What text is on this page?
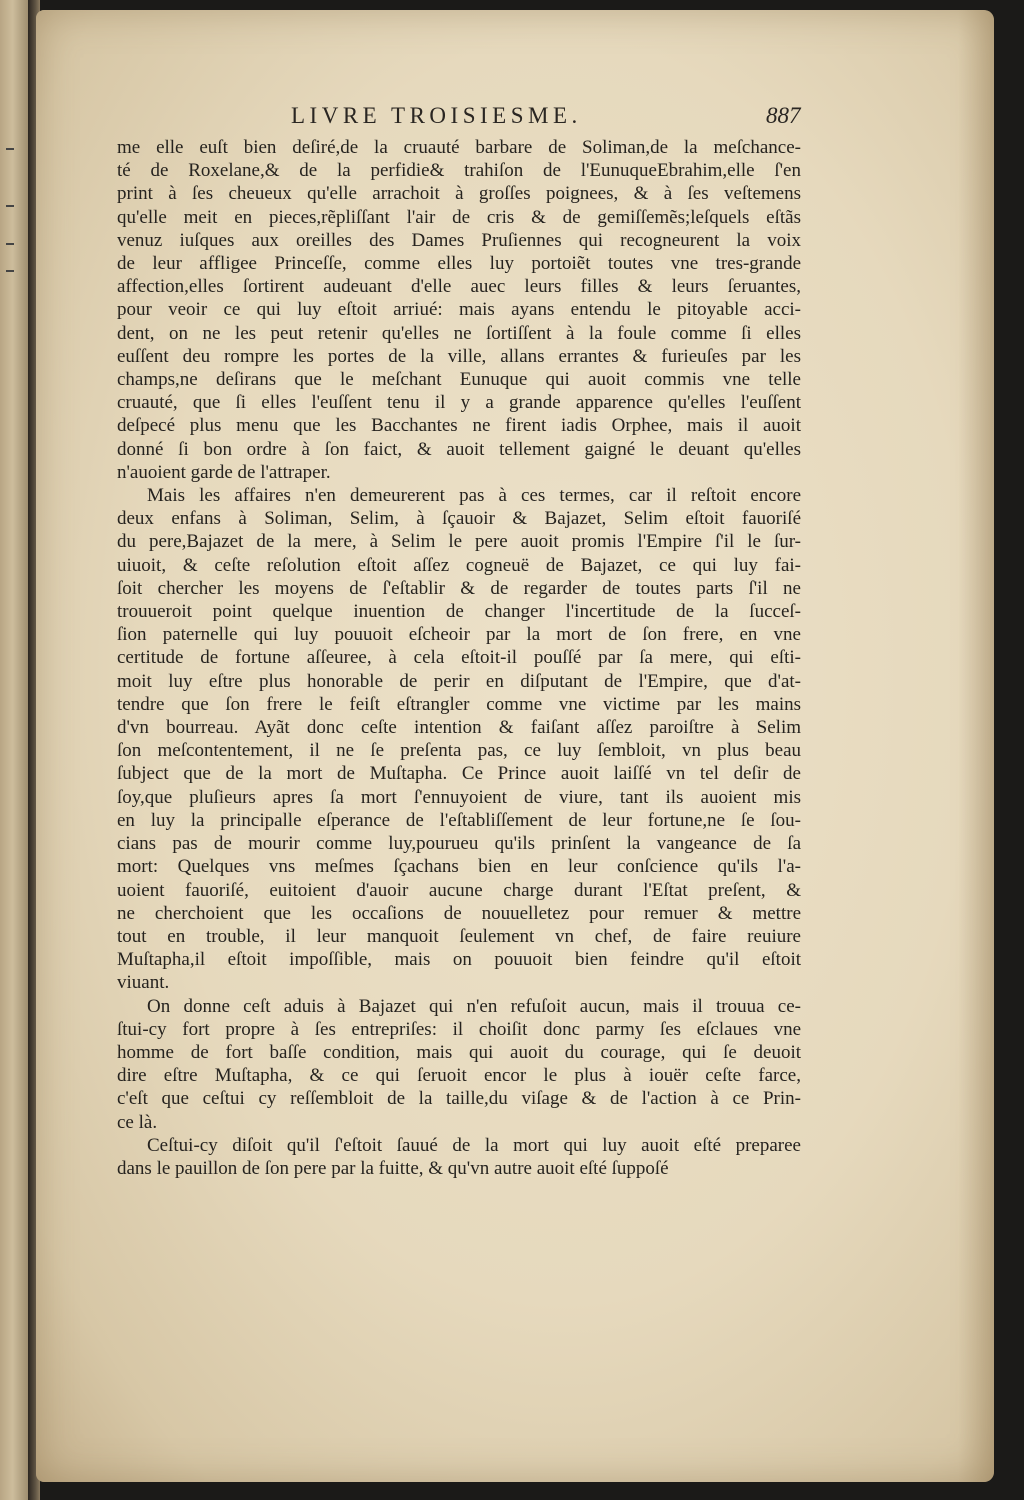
LIVRE TROISIESME.	887
me elle euſt bien deſiré,de la cruauté barbare de Soliman,de la meſchance-
té de Roxelane,& de la perfidie& trahiſon de l'EunuqueEbrahim,elle ſ'en
print à ſes cheueux qu'elle arrachoit à groſſes poignees, & à ſes veſtemens
qu'elle meit en pieces,rẽpliſſant l'air de cris & de gemiſſemẽs;leſquels eſtãs
venuz iuſques aux oreilles des Dames Pruſiennes qui recogneurent la voix
de leur affligee Princeſſe, comme elles luy portoiẽt toutes vne tres-grande
affection,elles ſortirent audeuant d'elle auec leurs filles & leurs ſeruantes,
pour veoir ce qui luy eſtoit arriué: mais ayans entendu le pitoyable acci-
dent, on ne les peut retenir qu'elles ne ſortiſſent à la foule comme ſi elles
euſſent deu rompre les portes de la ville, allans errantes & furieuſes par les
champs,ne deſirans que le meſchant Eunuque qui auoit commis vne telle
cruauté, que ſi elles l'euſſent tenu il y a grande apparence qu'elles l'euſſent
deſpecé plus menu que les Bacchantes ne firent iadis Orphee, mais il auoit
donné ſi bon ordre à ſon faict, & auoit tellement gaigné le deuant qu'elles
n'auoient garde de l'attraper.
Mais les affaires n'en demeurerent pas à ces termes, car il reſtoit encore
deux enfans à Soliman, Selim, à ſçauoir & Bajazet, Selim eſtoit fauoriſé
du pere,Bajazet de la mere, à Selim le pere auoit promis l'Empire ſ'il le ſur-
uiuoit, & ceſte reſolution eſtoit aſſez cogneuë de Bajazet, ce qui luy fai-
ſoit chercher les moyens de ſ'eſtablir & de regarder de toutes parts ſ'il ne
trouueroit point quelque inuention de changer l'incertitude de la ſucceſ-
ſion paternelle qui luy pouuoit eſcheoir par la mort de ſon frere, en vne
certitude de fortune aſſeuree, à cela eſtoit-il pouſſé par ſa mere, qui eſti-
moit luy eſtre plus honorable de perir en diſputant de l'Empire, que d'at-
tendre que ſon frere le feiſt eſtrangler comme vne victime par les mains
d'vn bourreau. Ayãt donc ceſte intention & faiſant aſſez paroiſtre à Selim
ſon meſcontentement, il ne ſe preſenta pas, ce luy ſembloit, vn plus beau
ſubject que de la mort de Muſtapha. Ce Prince auoit laiſſé vn tel deſir de
ſoy,que pluſieurs apres ſa mort ſ'ennuyoient de viure, tant ils auoient mis
en luy la principalle eſperance de l'eſtabliſſement de leur fortune,ne ſe ſou-
cians pas de mourir comme luy,pourueu qu'ils prinſent la vangeance de ſa
mort: Quelques vns meſmes ſçachans bien en leur conſcience qu'ils l'a-
uoient fauoriſé, euitoient d'auoir aucune charge durant l'Eſtat preſent, &
ne cherchoient que les occaſions de nouuelletez pour remuer & mettre
tout en trouble, il leur manquoit ſeulement vn chef, de faire reuiure
Muſtapha,il eſtoit impoſſible, mais on pouuoit bien feindre qu'il eſtoit
viuant.
On donne ceſt aduis à Bajazet qui n'en refuſoit aucun, mais il trouua ce-
ſtui-cy fort propre à ſes entrepriſes: il choiſit donc parmy ſes eſclaues vne
homme de fort baſſe condition, mais qui auoit du courage, qui ſe deuoit
dire eſtre Muſtapha, & ce qui ſeruoit encor le plus à iouër ceſte farce,
c'eſt que ceſtui cy reſſembloit de la taille,du viſage & de l'action à ce Prin-
ce là.
Ceſtui-cy diſoit qu'il ſ'eſtoit ſauué de la mort qui luy auoit eſté preparee
dans le pauillon de ſon pere par la fuitte, & qu'vn autre auoit eſté ſuppoſé
